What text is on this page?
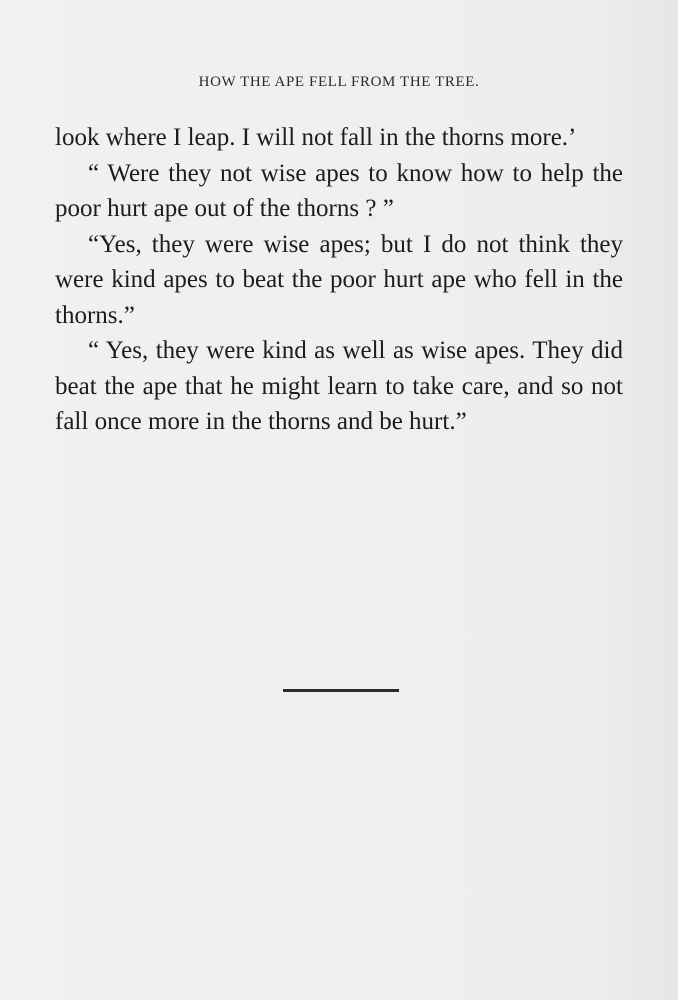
HOW THE APE FELL FROM THE TREE.

look where I leap. I will not fall in the thorns more.’

“ Were they not wise apes to know how to help the poor hurt ape out of the thorns ? ”

“Yes, they were wise apes; but I do not think they were kind apes to beat the poor hurt ape who fell in the thorns.”

“ Yes, they were kind as well as wise apes. They did beat the ape that he might learn to take care, and so not fall once more in the thorns and be hurt.”
